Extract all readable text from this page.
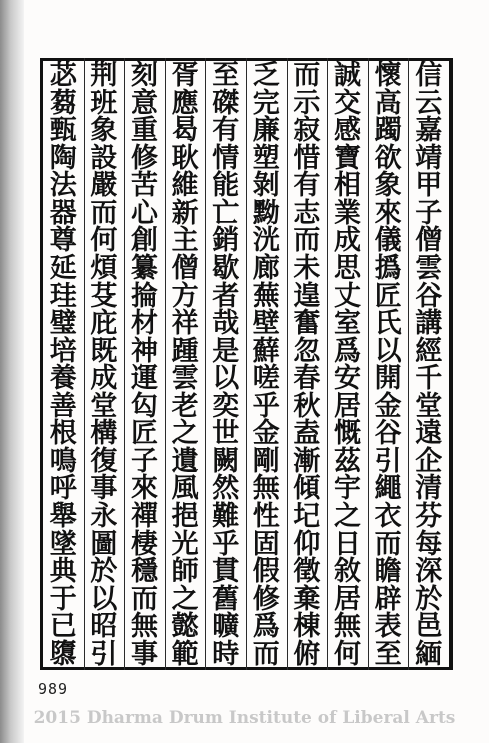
信
云
嘉
靖
甲
子
僧
雲
谷
講
經
千
堂
遠
企
清
芬
每
深
於
邑
緬
懷
高
躅
欲
象
來
儀
撝
匠
氏
以
開
金
谷
引
繩
衣
而
瞻
辟
表
至
誠
交
感
寶
相
業
成
思
丈
室
爲
安
居
慨
茲
宇
之
日
敘
居
無
何
而
示
寂
惜
有
志
而
未
遑
奮
忽
春
秋
盍
漸
傾
圮
仰
徵
棄
棟
俯
乏
完
廉
塑
剝
黝
洸
廊
蕪
壁
蘚
嗟
乎
金
剛
無
性
固
假
修
爲
而
至
磔
有
情
能
亡
銷
歇
者
哉
是
以
奕
世
闕
然
難
乎
貫
舊
曠
時
胥
應
曷
耿
維
新
主
僧
方
祥
踵
雲
老
之
遺
風
挹
光
師
之
懿
範
刻
意
重
修
苦
心
創
纂
掄
材
神
運
匃
匠
子
來
禪
棲
穩
而
無
事
荆
班
象
設
嚴
而
何
煩
芟
庇
既
成
堂
構
復
事
永
圖
於
以
昭
引
苾
蒭
甄
陶
法
器
尊
延
珪
璧
培
養
善
根
鳴
呼
舉
墜
典
于
已
隳
989
2015 Dharma Drum Institute of Liberal Arts
